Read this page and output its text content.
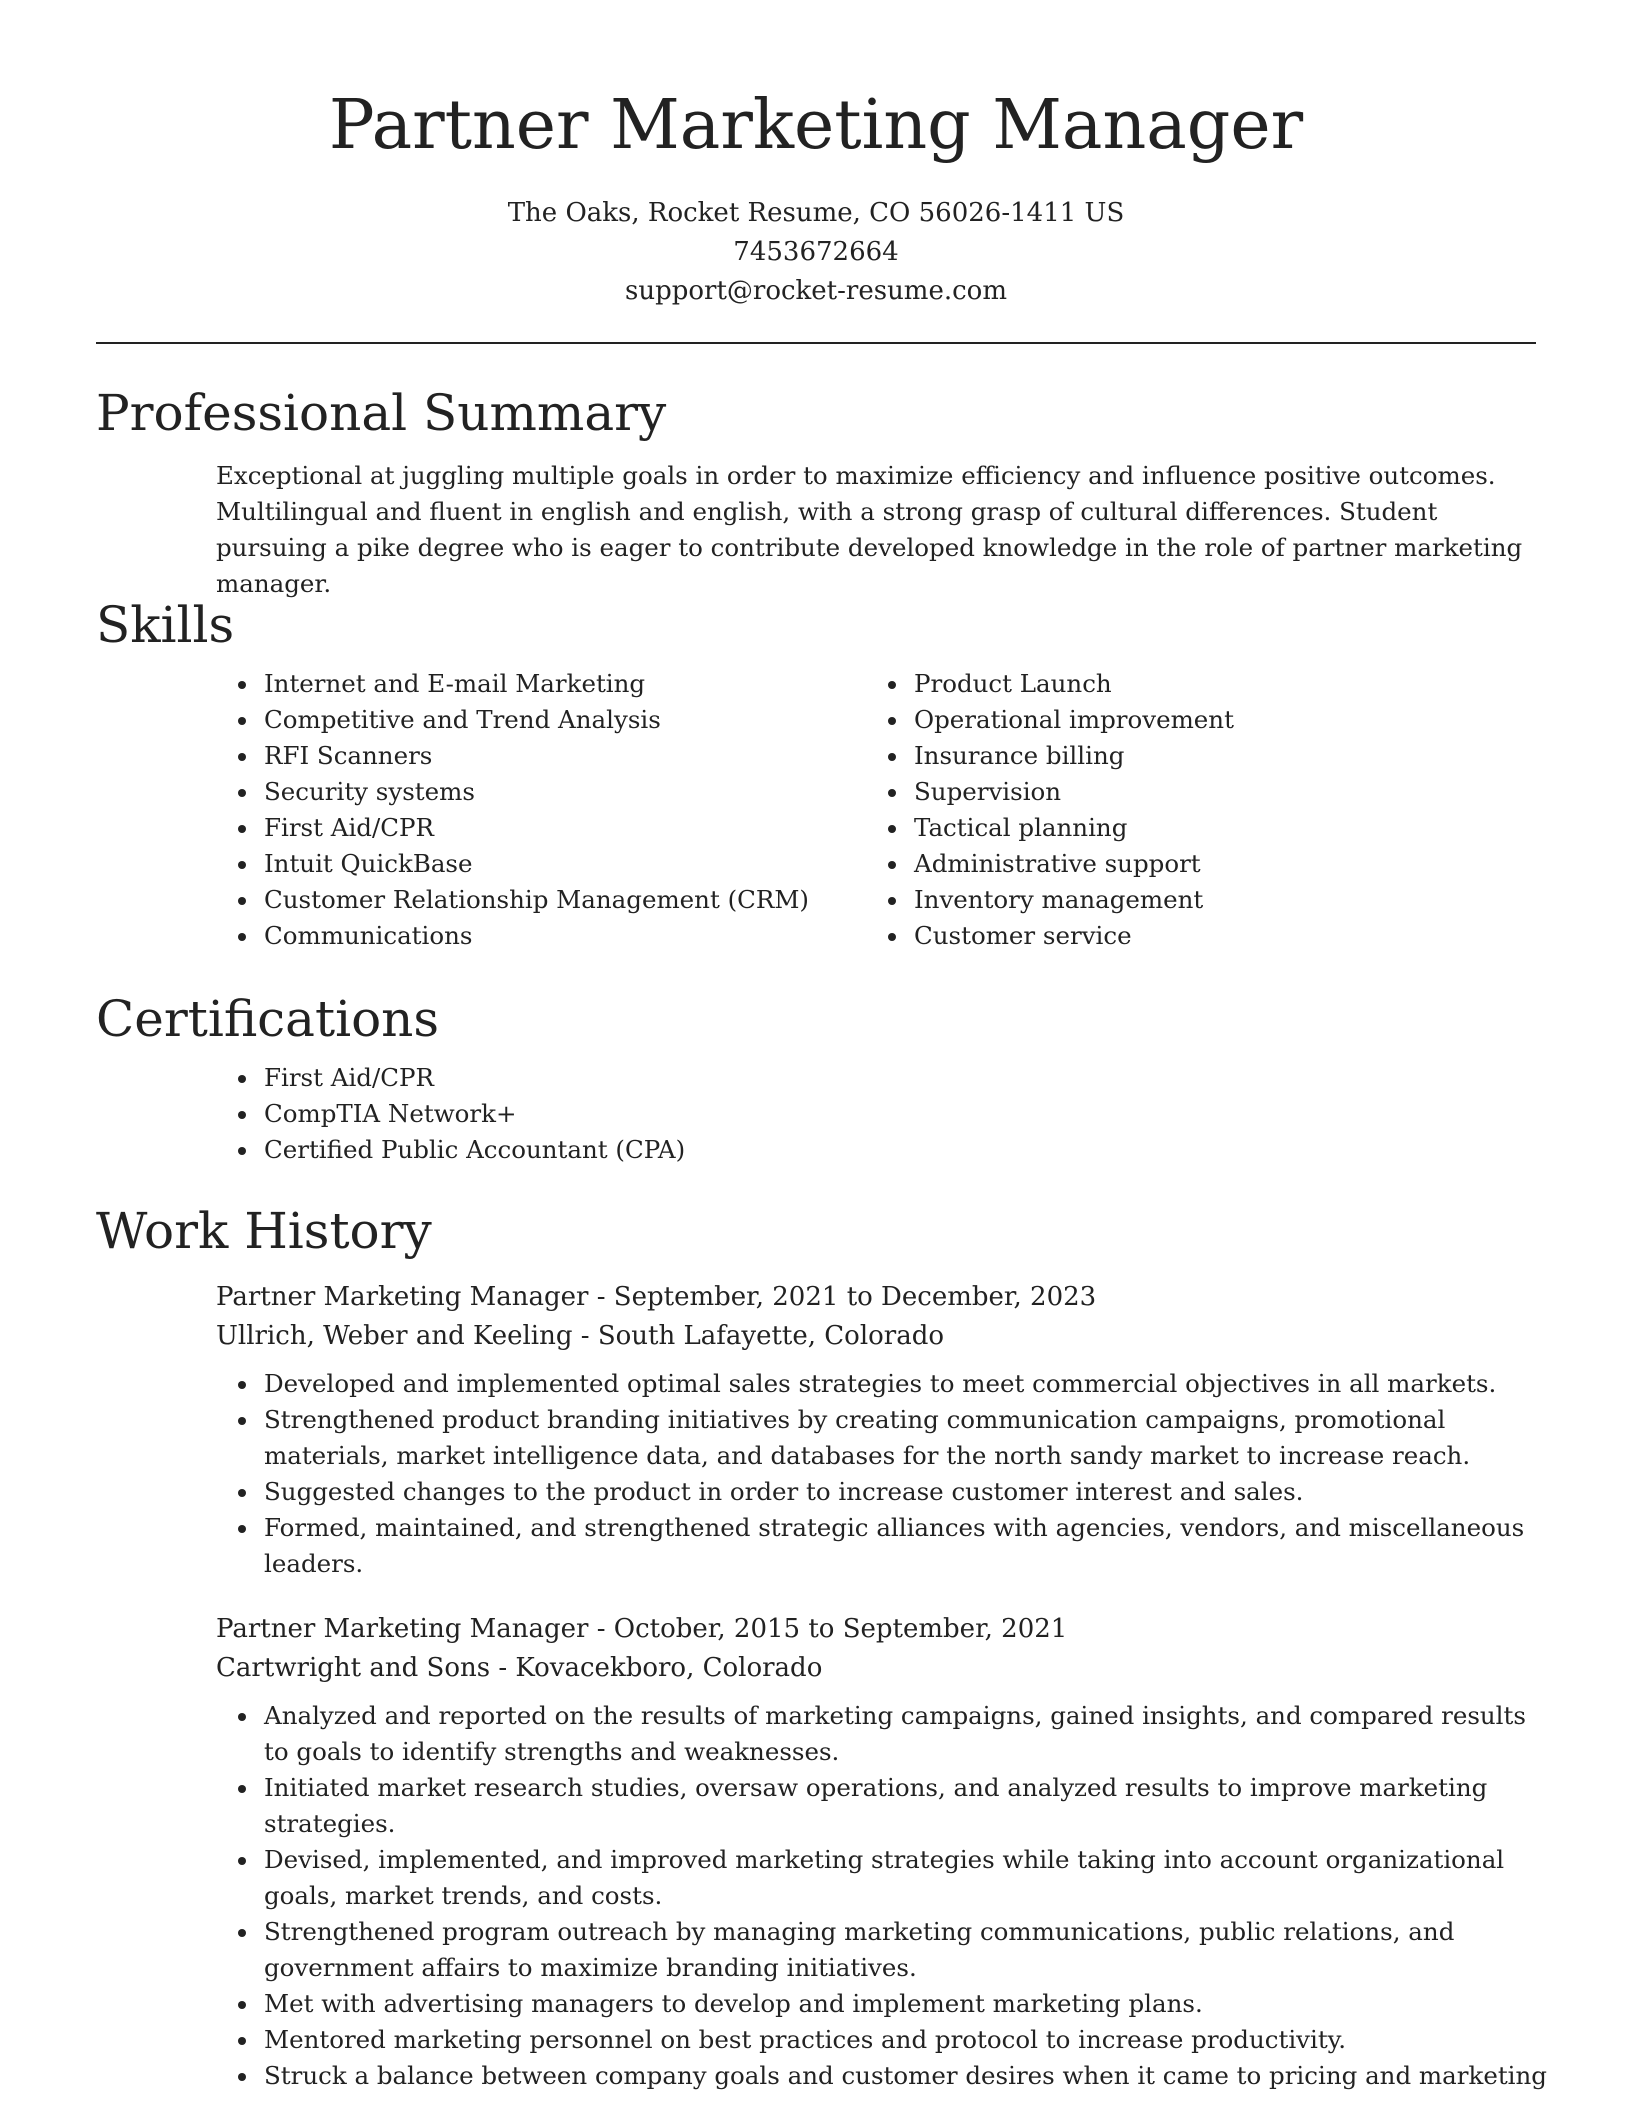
Partner Marketing Manager
The Oaks, Rocket Resume, CO 56026-1411 US
7453672664
support@rocket-resume.com
Professional Summary
Exceptional at juggling multiple goals in order to maximize efficiency and influence positive outcomes. Multilingual and fluent in english and english, with a strong grasp of cultural differences. Student pursuing a pike degree who is eager to contribute developed knowledge in the role of partner marketing manager.
Skills
• Internet and E-mail Marketing
• Competitive and Trend Analysis
• RFI Scanners
• Security systems
• First Aid/CPR
• Intuit QuickBase
• Customer Relationship Management (CRM)
• Communications
• Product Launch
• Operational improvement
• Insurance billing
• Supervision
• Tactical planning
• Administrative support
• Inventory management
• Customer service
Certifications
• First Aid/CPR
• CompTIA Network+
• Certified Public Accountant (CPA)
Work History
Partner Marketing Manager - September, 2021 to December, 2023
Ullrich, Weber and Keeling - South Lafayette, Colorado
• Developed and implemented optimal sales strategies to meet commercial objectives in all markets.
• Strengthened product branding initiatives by creating communication campaigns, promotional materials, market intelligence data, and databases for the north sandy market to increase reach.
• Suggested changes to the product in order to increase customer interest and sales.
• Formed, maintained, and strengthened strategic alliances with agencies, vendors, and miscellaneous leaders.
Partner Marketing Manager - October, 2015 to September, 2021
Cartwright and Sons - Kovacekboro, Colorado
• Analyzed and reported on the results of marketing campaigns, gained insights, and compared results to goals to identify strengths and weaknesses.
• Initiated market research studies, oversaw operations, and analyzed results to improve marketing strategies.
• Devised, implemented, and improved marketing strategies while taking into account organizational goals, market trends, and costs.
• Strengthened program outreach by managing marketing communications, public relations, and government affairs to maximize branding initiatives.
• Met with advertising managers to develop and implement marketing plans.
• Mentored marketing personnel on best practices and protocol to increase productivity.
• Struck a balance between company goals and customer desires when it came to pricing and marketing
